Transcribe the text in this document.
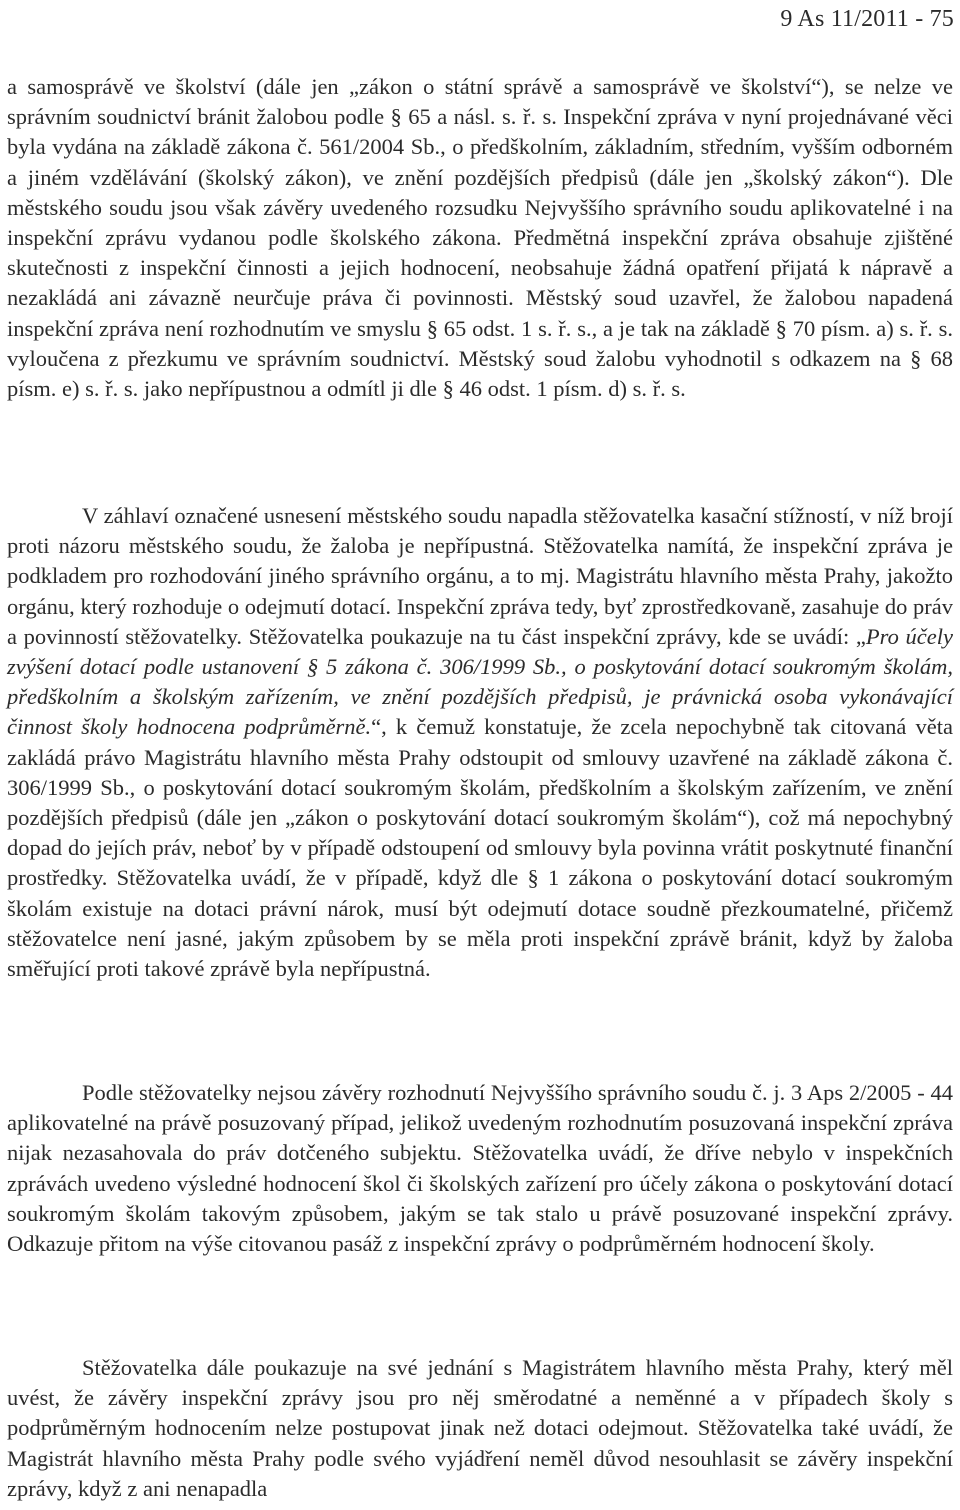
9 As 11/2011 - 75

a samosprávě ve školství (dále jen „zákon o státní správě a samosprávě ve školství“), se nelze ve správním soudnictví bránit žalobou podle § 65 a násl. s. ř. s. Inspekční zpráva v nyní projednávané věci byla vydána na základě zákona č. 561/2004 Sb., o předškolním, základním, středním, vyšším odborném a jiném vzdělávání (školský zákon), ve znění pozdějších předpisů (dále jen „školský zákon“). Dle městského soudu jsou však závěry uvedeného rozsudku Nejvyššího správního soudu aplikovatelné i na inspekční zprávu vydanou podle školského zákona. Předmětná inspekční zpráva obsahuje zjištěné skutečnosti z inspekční činnosti a jejich hodnocení, neobsahuje žádná opatření přijatá k nápravě a nezakládá ani závazně neurčuje práva či povinnosti. Městský soud uzavřel, že žalobou napadená inspekční zpráva není rozhodnutím ve smyslu § 65 odst. 1 s. ř. s., a je tak na základě § 70 písm. a) s. ř. s. vyloučena z přezkumu ve správním soudnictví. Městský soud žalobu vyhodnotil s odkazem na § 68 písm. e) s. ř. s. jako nepřípustnou a odmítl ji dle § 46 odst. 1 písm. d) s. ř. s.

V záhlaví označené usnesení městského soudu napadla stěžovatelka kasační stížností, v níž brojí proti názoru městského soudu, že žaloba je nepřípustná. Stěžovatelka namítá, že inspekční zpráva je podkladem pro rozhodování jiného správního orgánu, a to mj. Magistrátu hlavního města Prahy, jakožto orgánu, který rozhoduje o odejmutí dotací. Inspekční zpráva tedy, byť zprostředkovaně, zasahuje do práv a povinností stěžovatelky. Stěžovatelka poukazuje na tu část inspekční zprávy, kde se uvádí: „Pro účely zvýšení dotací podle ustanovení § 5 zákona č. 306/1999 Sb., o poskytování dotací soukromým školám, předškolním a školským zařízením, ve znění pozdějších předpisů, je právnická osoba vykonávající činnost školy hodnocena podprůměrně.“, k čemuž konstatuje, že zcela nepochybně tak citovaná věta zakládá právo Magistrátu hlavního města Prahy odstoupit od smlouvy uzavřené na základě zákona č. 306/1999 Sb., o poskytování dotací soukromým školám, předškolním a školským zařízením, ve znění pozdějších předpisů (dále jen „zákon o poskytování dotací soukromým školám“), což má nepochybný dopad do jejích práv, neboť by v případě odstoupení od smlouvy byla povinna vrátit poskytnuté finanční prostředky. Stěžovatelka uvádí, že v případě, když dle § 1 zákona o poskytování dotací soukromým školám existuje na dotaci právní nárok, musí být odejmutí dotace soudně přezkoumatelné, přičemž stěžovatelce není jasné, jakým způsobem by se měla proti inspekční zprávě bránit, když by žaloba směřující proti takové zprávě byla nepřípustná.

Podle stěžovatelky nejsou závěry rozhodnutí Nejvyššího správního soudu č. j. 3 Aps 2/2005 - 44 aplikovatelné na právě posuzovaný případ, jelikož uvedeným rozhodnutím posuzovaná inspekční zpráva nijak nezasahovala do práv dotčeného subjektu. Stěžovatelka uvádí, že dříve nebylo v inspekčních zprávách uvedeno výsledné hodnocení škol či školských zařízení pro účely zákona o poskytování dotací soukromým školám takovým způsobem, jakým se tak stalo u právě posuzované inspekční zprávy. Odkazuje přitom na výše citovanou pasáž z inspekční zprávy o podprůměrném hodnocení školy.

Stěžovatelka dále poukazuje na své jednání s Magistrátem hlavního města Prahy, který měl uvést, že závěry inspekční zprávy jsou pro něj směrodatné a neměnné a v případech školy s podprůměrným hodnocením nelze postupovat jinak než dotaci odejmout. Stěžovatelka také uvádí, že Magistrát hlavního města Prahy podle svého vyjádření neměl důvod nesouhlasit se závěry inspekční zprávy, když z ani nenapadla
